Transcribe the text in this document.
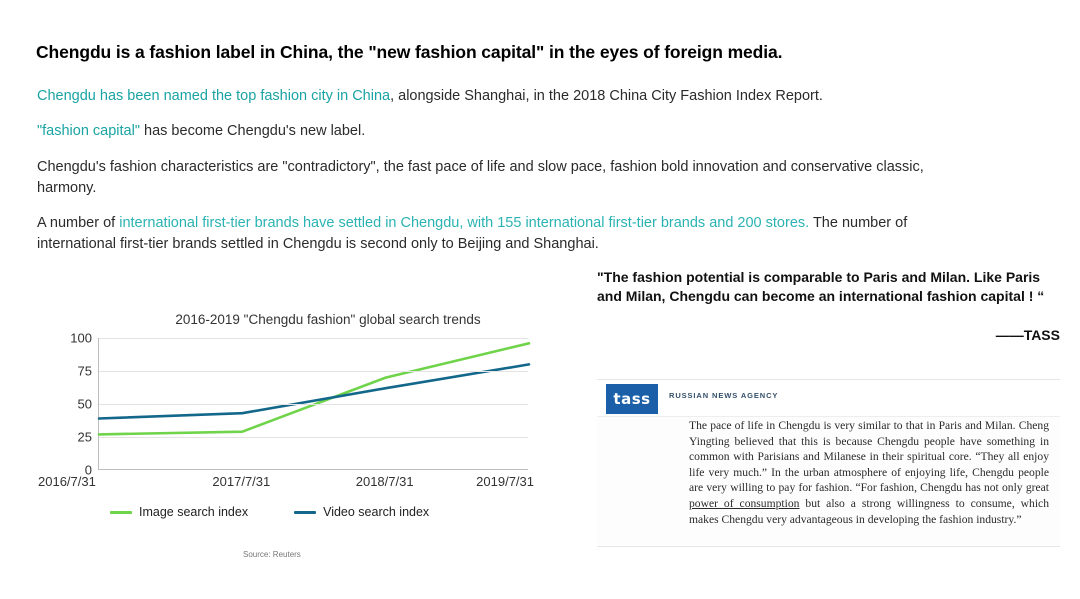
Chengdu is a fashion label in China, the "new fashion capital" in the eyes of foreign media.
Chengdu has been named the top fashion city in China, alongside Shanghai, in the 2018 China City Fashion Index Report.
"fashion capital" has become Chengdu's new label.
Chengdu's fashion characteristics are "contradictory", the fast pace of life and slow pace, fashion bold innovation and conservative classic, harmony.
A number of international first-tier brands have settled in Chengdu, with 155 international first-tier brands and 200 stores. The number of international first-tier brands settled in Chengdu is second only to Beijing and Shanghai.
2016-2019 "Chengdu fashion" global search trends
0
25
50
75
100
2016/7/31	2017/7/31	2018/7/31	2019/7/31
Image search index	Video search index
Source: Reuters
"The fashion potential is comparable to Paris and Milan. Like Paris and Milan, Chengdu can become an international fashion capital ! “
——TASS
tass	RUSSIAN NEWS AGENCY
The pace of life in Chengdu is very similar to that in Paris and Milan. Cheng Yingting believed that this is because Chengdu people have something in common with Parisians and Milanese in their spiritual core. “They all enjoy life very much.” In the urban atmosphere of enjoying life, Chengdu people are very willing to pay for fashion. “For fashion, Chengdu has not only great power of consumption but also a strong willingness to consume, which makes Chengdu very advantageous in developing the fashion industry.”
